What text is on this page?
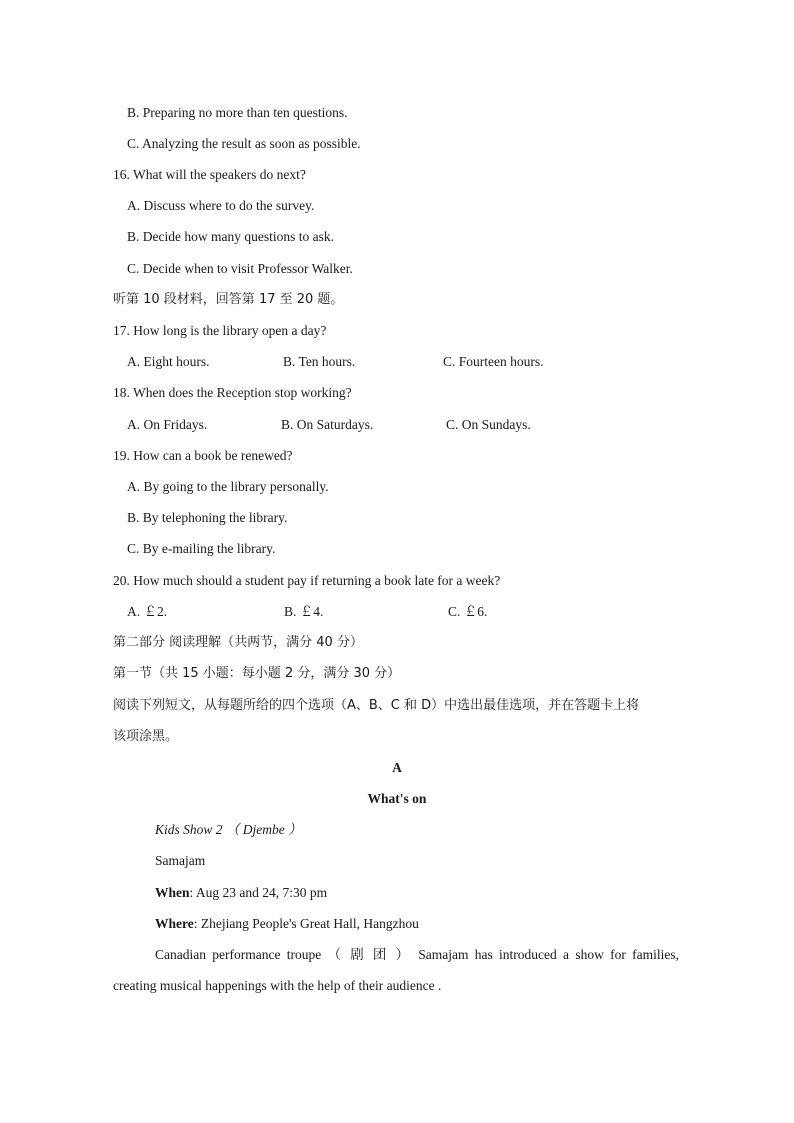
B. Preparing no more than ten questions.
C. Analyzing the result as soon as possible.
16. What will the speakers do next?
A. Discuss where to do the survey.
B. Decide how many questions to ask.
C. Decide when to visit Professor Walker.
听第 10 段材料，回答第 17 至 20 题。
17. How long is the library open a day?
A. Eight hours.	B. Ten hours.	C. Fourteen hours.
18. When does the Reception stop working?
A. On Fridays.	B. On Saturdays.	C. On Sundays.
19. How can a book be renewed?
A. By going to the library personally.
B. By telephoning the library.
C. By e-mailing the library.
20. How much should a student pay if returning a book late for a week?
A. ￡2.	B. ￡4.	C. ￡6.
第二部分 阅读理解（共两节，满分 40 分）
第一节（共 15 小题：每小题 2 分，满分 30 分）
阅读下列短文，从每题所给的四个选项（A、B、C 和 D）中选出最佳选项，并在答题卡上将
该项涂黑。
A
What's on
Kids Show 2 （ Djembe ）
Samajam
When: Aug 23 and 24, 7:30 pm
Where: Zhejiang People's Great Hall, Hangzhou
Canadian performance troupe （ 剧 团 ） Samajam has introduced a show for families,
creating musical happenings with the help of their audience .
